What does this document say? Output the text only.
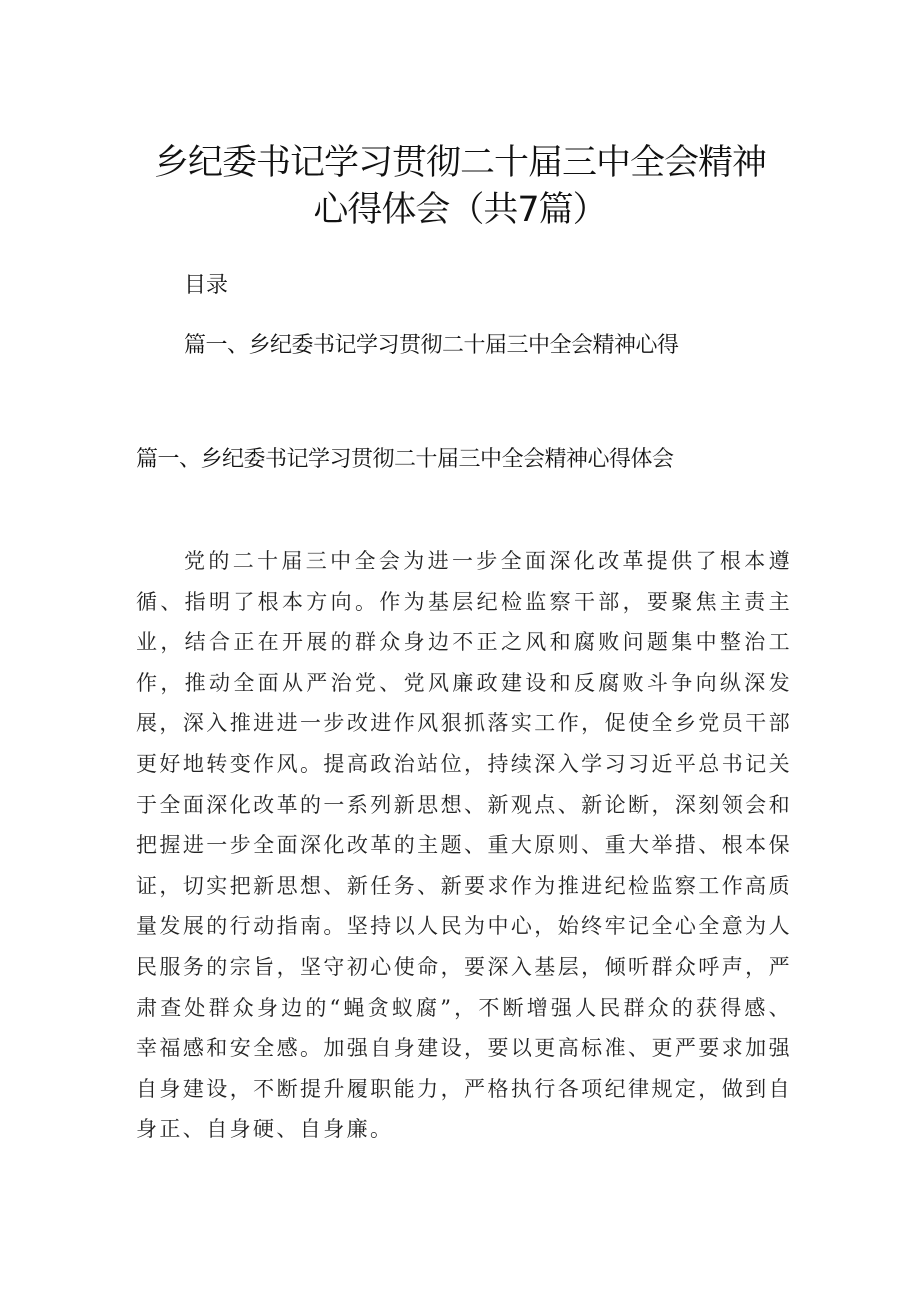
乡纪委书记学习贯彻二十届三中全会精神
心得体会（共7篇）
目录
篇一、乡纪委书记学习贯彻二十届三中全会精神心得
篇一、乡纪委书记学习贯彻二十届三中全会精神心得体会
党的二十届三中全会为进一步全面深化改革提供了根本遵循、指明了根本方向。作为基层纪检监察干部，要聚焦主责主业，结合正在开展的群众身边不正之风和腐败问题集中整治工作，推动全面从严治党、党风廉政建设和反腐败斗争向纵深发展，深入推进进一步改进作风狠抓落实工作，促使全乡党员干部更好地转变作风。提高政治站位，持续深入学习习近平总书记关于全面深化改革的一系列新思想、新观点、新论断，深刻领会和把握进一步全面深化改革的主题、重大原则、重大举措、根本保证，切实把新思想、新任务、新要求作为推进纪检监察工作高质量发展的行动指南。坚持以人民为中心，始终牢记全心全意为人民服务的宗旨，坚守初心使命，要深入基层，倾听群众呼声，严肃查处群众身边的“蝇贪蚁腐”，不断增强人民群众的获得感、幸福感和安全感。加强自身建设，要以更高标准、更严要求加强自身建设，不断提升履职能力，严格执行各项纪律规定，做到自身正、自身硬、自身廉。
